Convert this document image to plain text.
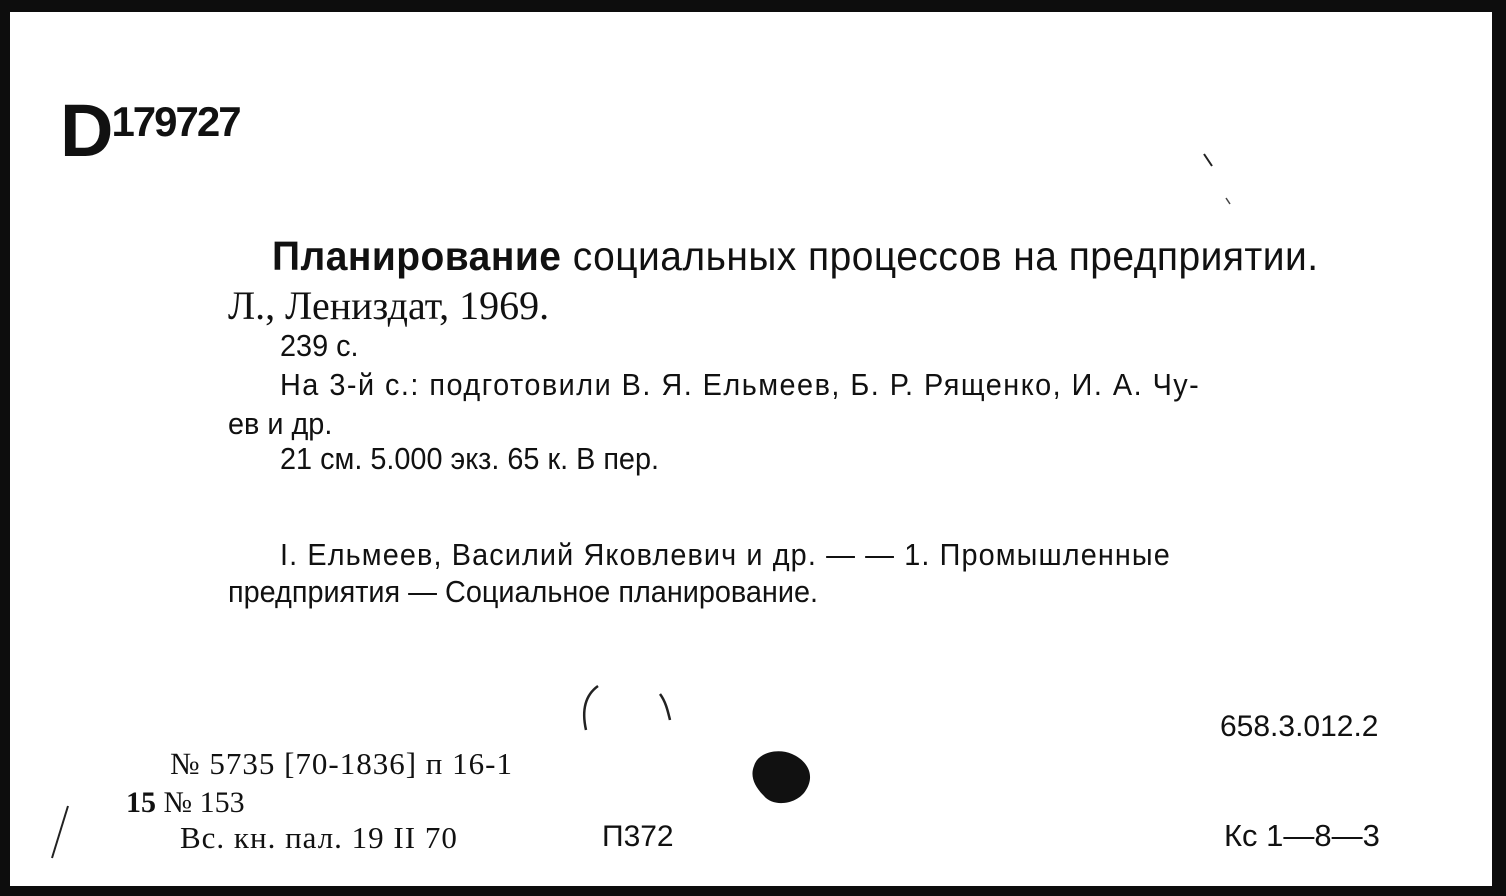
$D^{179727}$
Планирование социальных процессов на предприятии.
Л., Лениздат, 1969.
239 с.
На 3-й с.: подготовили В. Я. Ельмеев, Б. Р. Рященко, И. А. Чу-
ев и др.
21 см. 5.000 экз. 65 к. В пер.
I. Ельмеев, Василий Яковлевич и др. — — 1. Промышленные
предприятия — Социальное планирование.
658.3.012.2
№ 5735 [70-1836] п 16-1
15 № 153
Вс. кн. пал. 19 II 70	П372	Кс 1—8—3
